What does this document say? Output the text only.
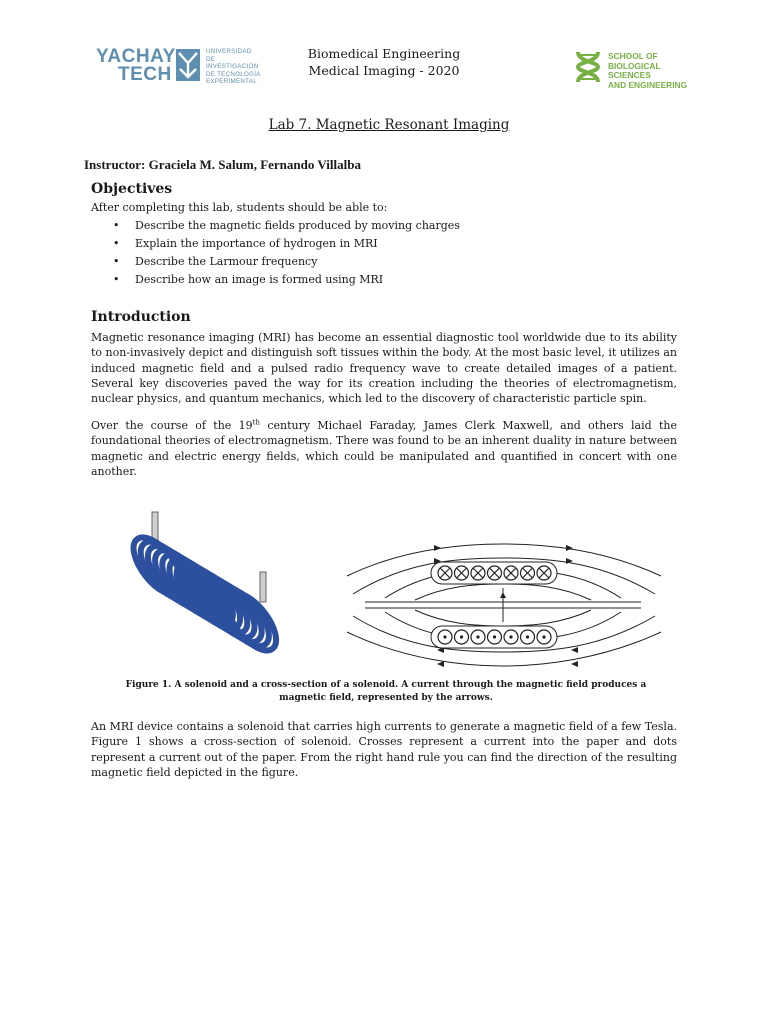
YACHAY
TECH
UNIVERSIDAD
DE INVESTIGACIÓN
DE TECNOLOGÍA
EXPERIMENTAL
Biomedical Engineering
Medical Imaging - 2020
SCHOOL OF
BIOLOGICAL SCIENCES
AND ENGINEERING
Lab 7. Magnetic Resonant Imaging
Instructor: Graciela M. Salum, Fernando Villalba
Objectives
After completing this lab, students should be able to:
• Describe the magnetic fields produced by moving charges
• Explain the importance of hydrogen in MRI
• Describe the Larmour frequency
• Describe how an image is formed using MRI
Introduction
Magnetic resonance imaging (MRI) has become an essential diagnostic tool worldwide due to its ability to non-invasively depict and distinguish soft tissues within the body. At the most basic level, it utilizes an induced magnetic field and a pulsed radio frequency wave to create detailed images of a patient. Several key discoveries paved the way for its creation including the theories of electromagnetism, nuclear physics, and quantum mechanics, which led to the discovery of characteristic particle spin.
Over the course of the 19th century Michael Faraday, James Clerk Maxwell, and others laid the foundational theories of electromagnetism. There was found to be an inherent duality in nature between magnetic and electric energy fields, which could be manipulated and quantified in concert with one another.
Figure 1. A solenoid and a cross-section of a solenoid. A current through the magnetic field produces a magnetic field, represented by the arrows.
An MRI device contains a solenoid that carries high currents to generate a magnetic field of a few Tesla. Figure 1 shows a cross-section of solenoid. Crosses represent a current into the paper and dots represent a current out of the paper. From the right hand rule you can find the direction of the resulting magnetic field depicted in the figure.
